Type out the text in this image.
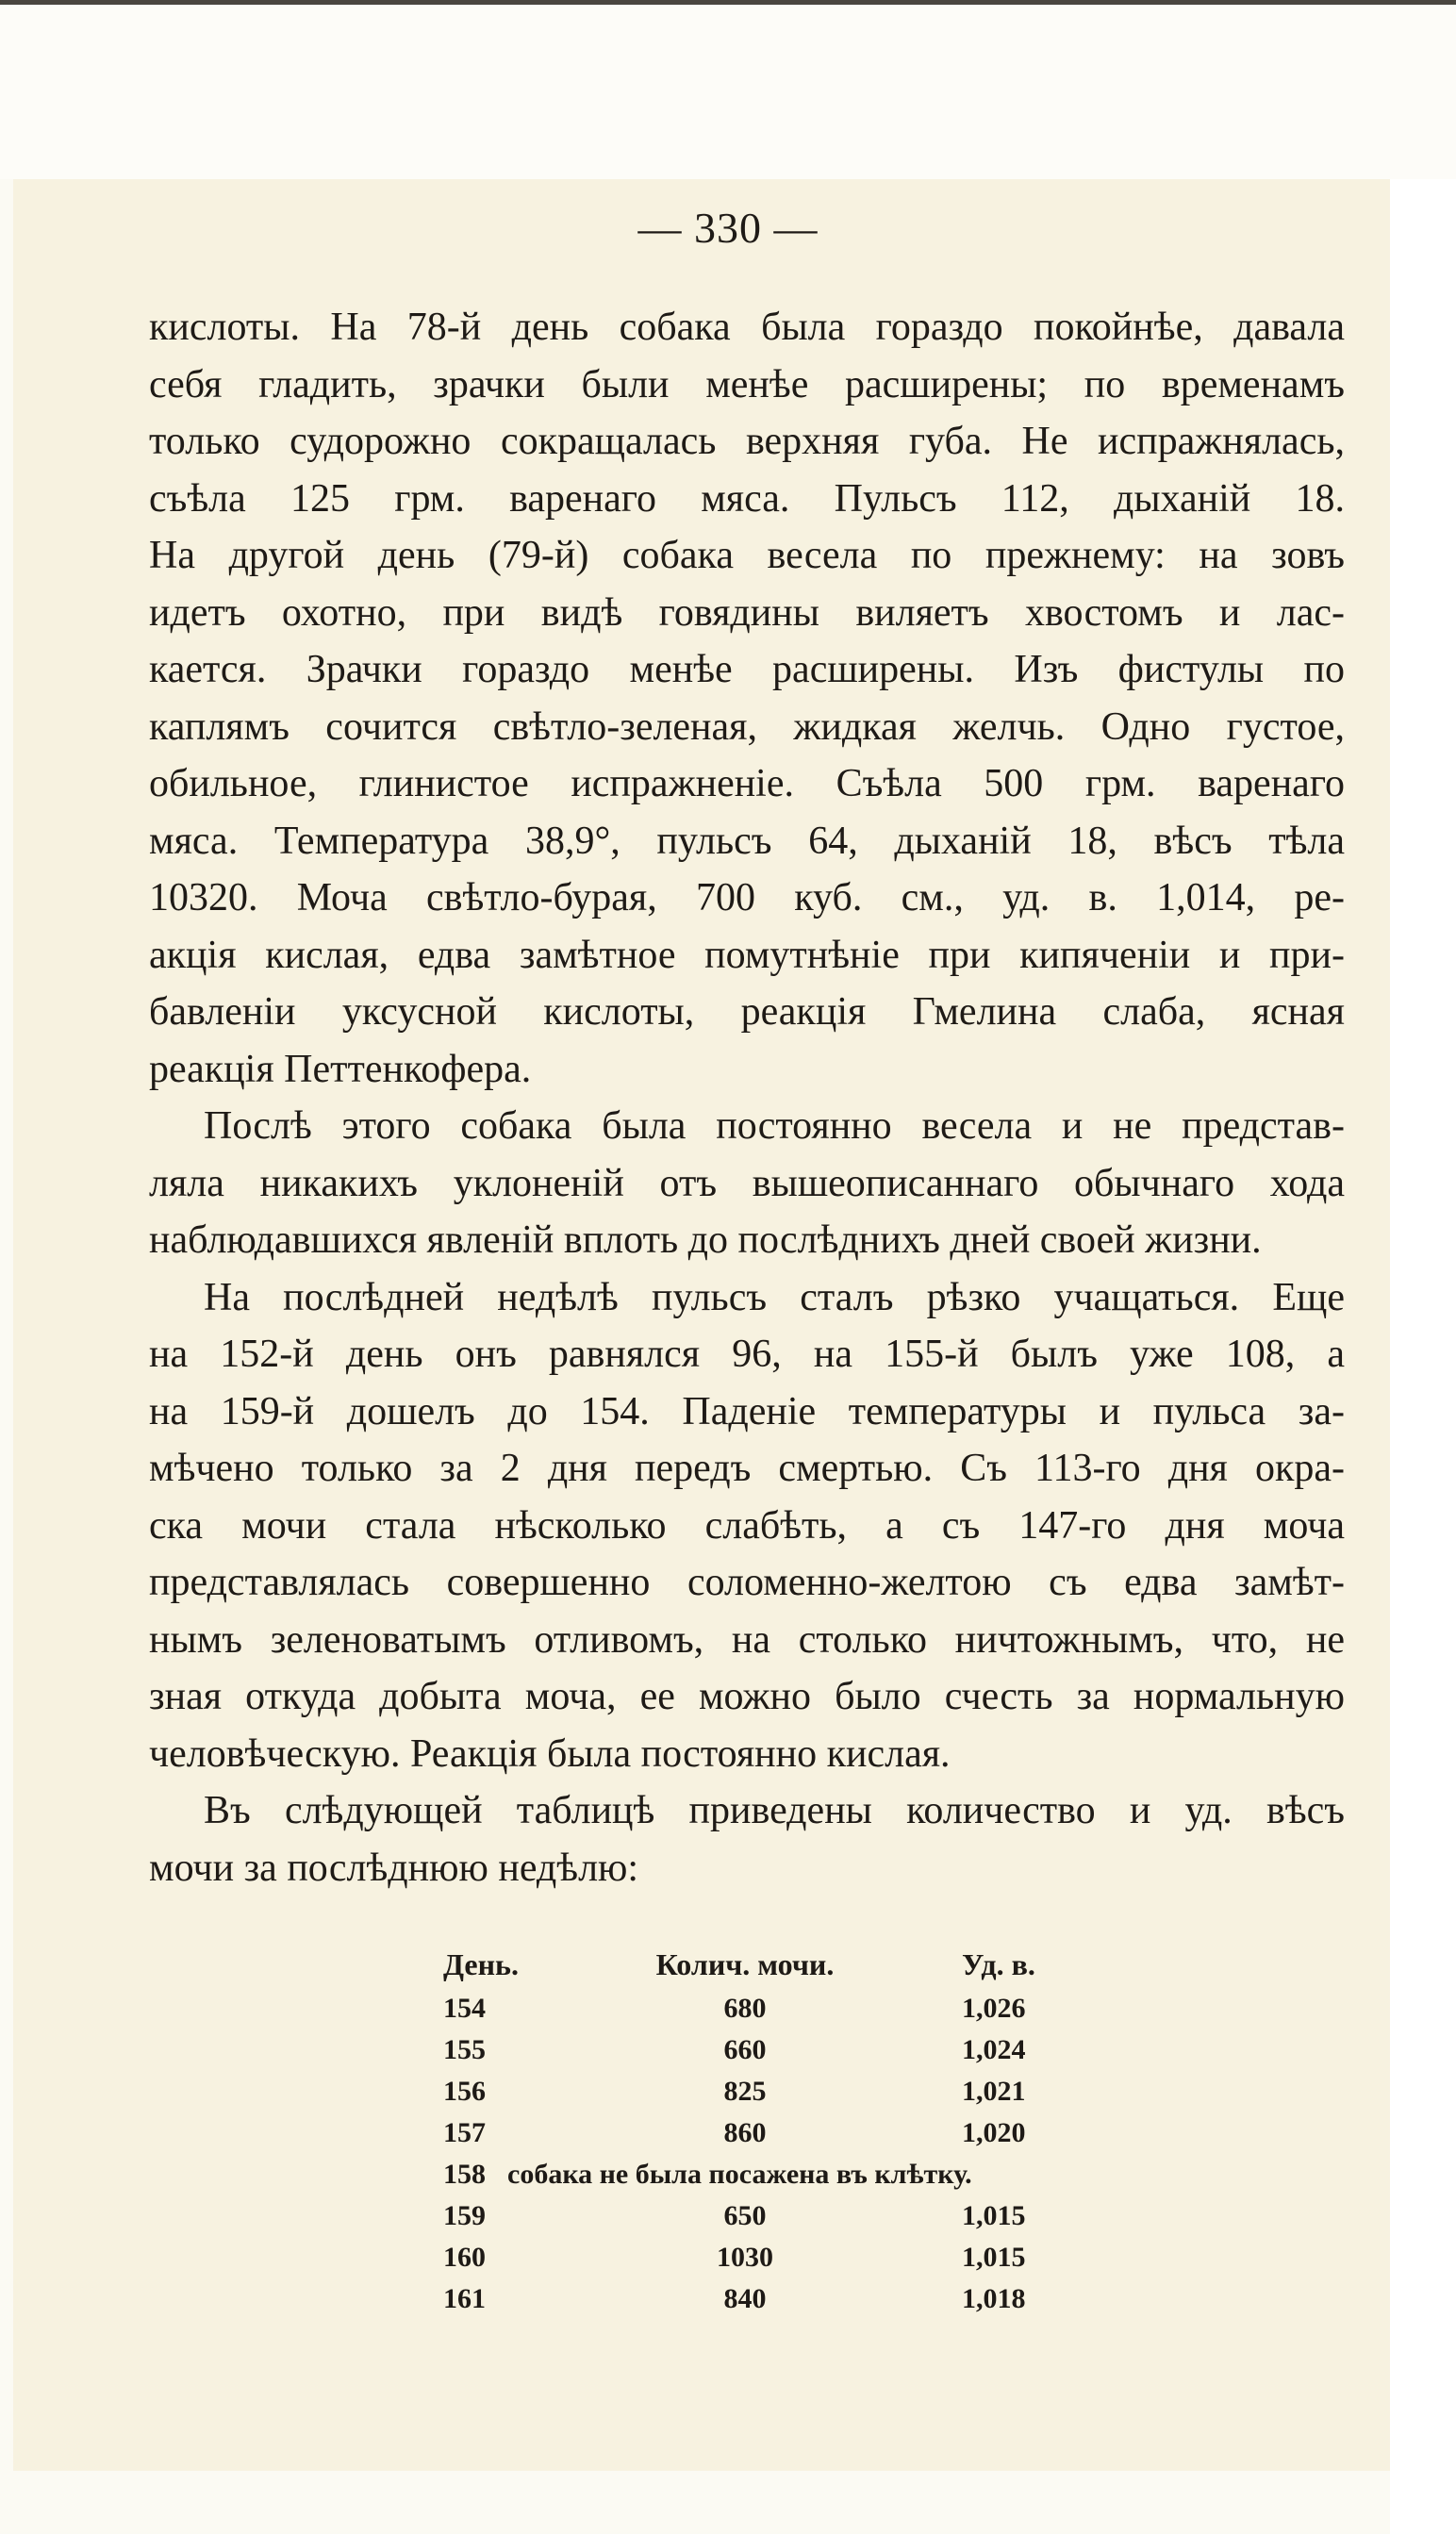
— 330 —
кислоты. На 78-й день собака была гораздо покойнѣе, давала
себя гладить, зрачки были менѣе расширены; по временамъ
только судорожно сокращалась верхняя губа. Не испражнялась,
съѣла 125 грм. варенаго мяса. Пульсъ 112, дыханій 18.
На другой день (79-й) собака весела по прежнему: на зовъ
идетъ охотно, при видѣ говядины виляетъ хвостомъ и лас-
кается. Зрачки гораздо менѣе расширены. Изъ фистулы по
каплямъ сочится свѣтло-зеленая, жидкая желчь. Одно густое,
обильное, глинистое испражненіе. Съѣла 500 грм. варенаго
мяса. Температура 38,9°, пульсъ 64, дыханій 18, вѣсъ тѣла
10320. Моча свѣтло-бурая, 700 куб. см., уд. в. 1,014, ре-
акція кислая, едва замѣтное помутнѣніе при кипяченіи и при-
бавленіи уксусной кислоты, реакція Гмелина слаба, ясная
реакція Петтенкофера.
Послѣ этого собака была постоянно весела и не представ-
ляла никакихъ уклоненій отъ вышеописаннаго обычнаго хода
наблюдавшихся явленій вплоть до послѣднихъ дней своей жизни.
На послѣдней недѣлѣ пульсъ сталъ рѣзко учащаться. Еще
на 152-й день онъ равнялся 96, на 155-й былъ уже 108, а
на 159-й дошелъ до 154. Паденіе температуры и пульса за-
мѣчено только за 2 дня передъ смертью. Съ 113-го дня окра-
ска мочи стала нѣсколько слабѣть, а съ 147-го дня моча
представлялась совершенно соломенно-желтою съ едва замѣт-
нымъ зеленоватымъ отливомъ, на столько ничтожнымъ, что, не
зная откуда добыта моча, ее можно было счесть за нормальную
человѣческую. Реакція была постоянно кислая.
Въ слѣдующей таблицѣ приведены количество и уд. вѣсъ
мочи за послѣднюю недѣлю:
День.	Колич. мочи.	Уд. в.
154	680	1,026
155	660	1,024
156	825	1,021
157	860	1,020
158 собака не была посажена въ клѣтку.
159	650	1,015
160	1030	1,015
161	840	1,018
